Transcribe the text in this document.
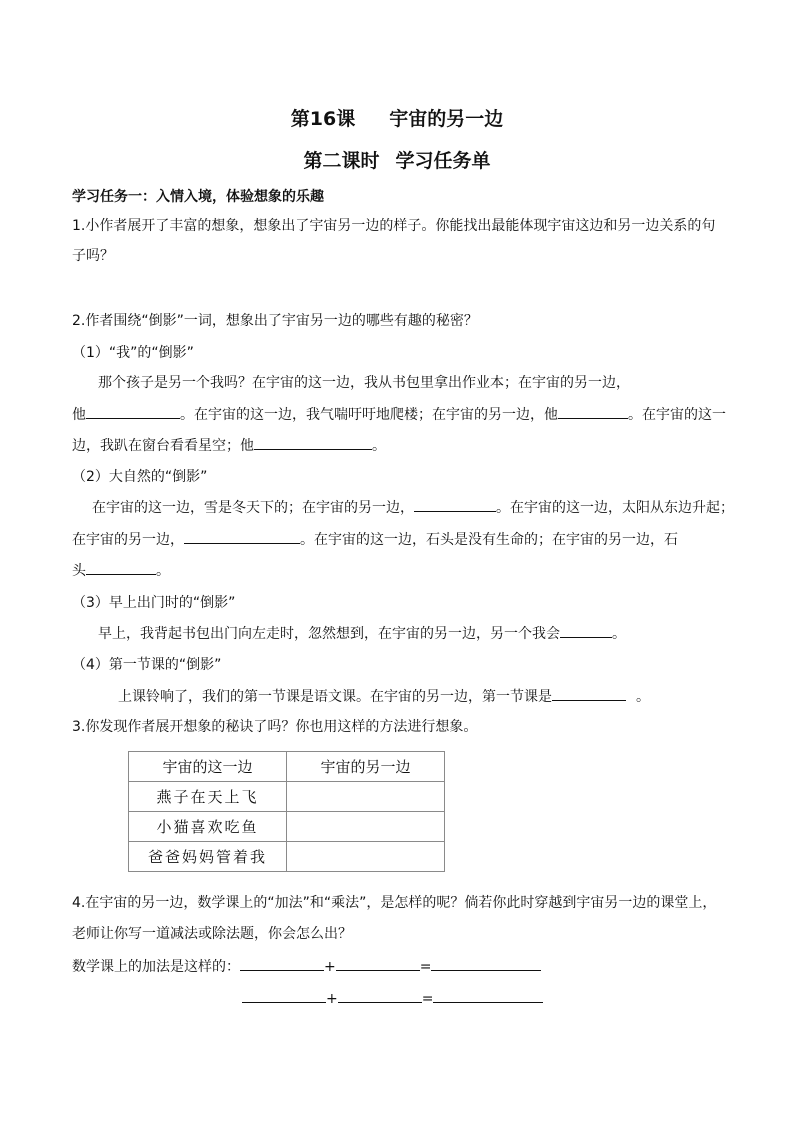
第16课 宇宙的另一边
第二课时 学习任务单
学习任务一：入情入境，体验想象的乐趣
1.小作者展开了丰富的想象，想象出了宇宙另一边的样子。你能找出最能体现宇宙这边和另一边关系的句
子吗？
2.作者围绕“倒影”一词，想象出了宇宙另一边的哪些有趣的秘密？
（1）“我”的“倒影”
那个孩子是另一个我吗？在宇宙的这一边，我从书包里拿出作业本；在宇宙的另一边，
他	。在宇宙的这一边，我气喘吁吁地爬楼；在宇宙的另一边，他	。在宇宙的这一
边，我趴在窗台看看星空；他	。
（2）大自然的“倒影”
在宇宙的这一边，雪是冬天下的；在宇宙的另一边，	。在宇宙的这一边，太阳从东边升起；
在宇宙的另一边，	。在宇宙的这一边，石头是没有生命的；在宇宙的另一边，石
头	。
（3）早上出门时的“倒影”
早上，我背起书包出门向左走时，忽然想到，在宇宙的另一边，另一个我会	。
（4）第一节课的“倒影”
上课铃响了，我们的第一节课是语文课。在宇宙的另一边，第一节课是	。
3.你发现作者展开想象的秘诀了吗？你也用这样的方法进行想象。
宇宙的这一边	宇宙的另一边
燕子在天上飞	
小猫喜欢吃鱼	
爸爸妈妈管着我	
4.在宇宙的另一边，数学课上的“加法”和“乘法”，是怎样的呢？倘若你此时穿越到宇宙另一边的课堂上，
老师让你写一道减法或除法题，你会怎么出？
数学课上的加法是这样的：	+	=
+	=
